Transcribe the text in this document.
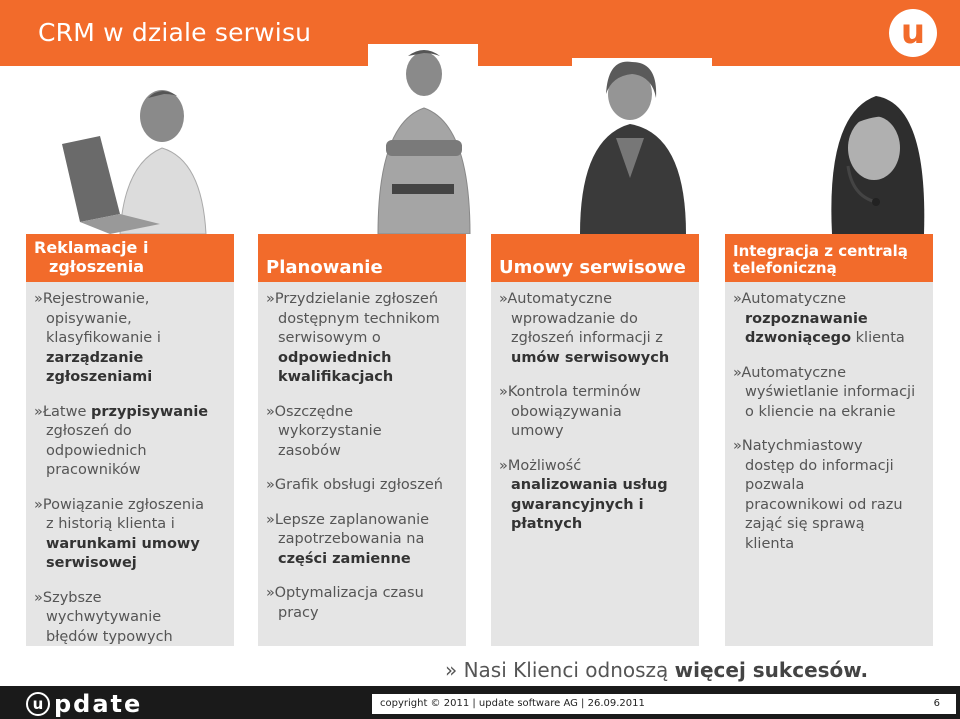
CRM w dziale serwisu	u
Reklamacje i
zgłoszenia
»Rejestrowanie,
opisywanie,
klasyfikowanie i
zarządzanie
zgłoszeniami
»Łatwe przypisywanie
zgłoszeń do
odpowiednich
pracowników
»Powiązanie zgłoszenia
z historią klienta i
warunkami umowy
serwisowej
»Szybsze
wychwytywanie
błędów typowych
Planowanie
»Przydzielanie zgłoszeń
dostępnym technikom
serwisowym o
odpowiednich
kwalifikacjach
»Oszczędne
wykorzystanie
zasobów
»Grafik obsługi zgłoszeń
»Lepsze zaplanowanie
zapotrzebowania na
części zamienne
»Optymalizacja czasu
pracy
Umowy serwisowe
»Automatyczne
wprowadzanie do
zgłoszeń informacji z
umów serwisowych
»Kontrola terminów
obowiązywania
umowy
»Możliwość
analizowania usług
gwarancyjnych i
płatnych
Integracja z centralą
telefoniczną
»Automatyczne
rozpoznawanie
dzwoniącego klienta
»Automatyczne
wyświetlanie informacji
o kliencie na ekranie
»Natychmiastowy
dostęp do informacji
pozwala
pracownikowi od razu
zająć się sprawą
klienta
» Nasi Klienci odnoszą więcej sukcesów.
u pdate	copyright © 2011 | update software AG | 26.09.2011	6
